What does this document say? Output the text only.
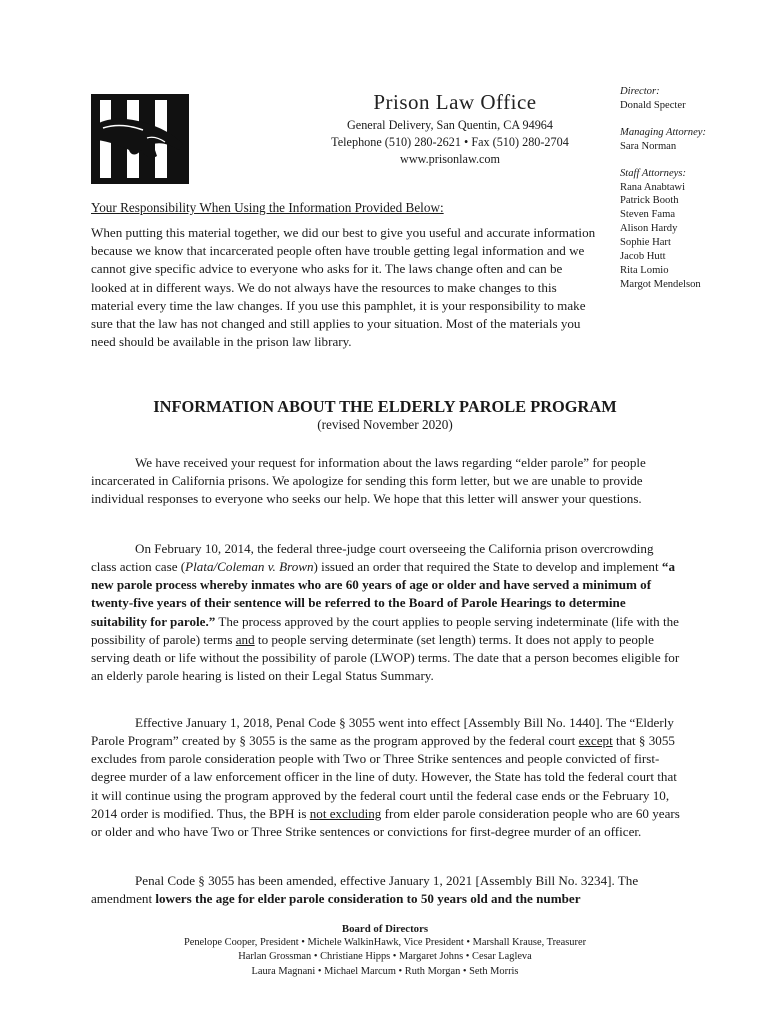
Prison Law Office
General Delivery, San Quentin, CA 94964
Telephone (510) 280-2621 • Fax (510) 280-2704
www.prisonlaw.com
Director:
Donald Specter
Managing Attorney:
Sara Norman
Staff Attorneys:
Rana Anabtawi
Patrick Booth
Steven Fama
Alison Hardy
Sophie Hart
Jacob Hutt
Rita Lomio
Margot Mendelson
Your Responsibility When Using the Information Provided Below:
When putting this material together, we did our best to give you useful and accurate information because we know that incarcerated people often have trouble getting legal information and we cannot give specific advice to everyone who asks for it. The laws change often and can be looked at in different ways. We do not always have the resources to make changes to this material every time the law changes. If you use this pamphlet, it is your responsibility to make sure that the law has not changed and still applies to your situation. Most of the materials you need should be available in the prison law library.
INFORMATION ABOUT THE ELDERLY PAROLE PROGRAM
(revised November 2020)
We have received your request for information about the laws regarding “elder parole” for people incarcerated in California prisons. We apologize for sending this form letter, but we are unable to provide individual responses to everyone who seeks our help. We hope that this letter will answer your questions.
On February 10, 2014, the federal three-judge court overseeing the California prison overcrowding class action case (Plata/Coleman v. Brown) issued an order that required the State to develop and implement “a new parole process whereby inmates who are 60 years of age or older and have served a minimum of twenty-five years of their sentence will be referred to the Board of Parole Hearings to determine suitability for parole.” The process approved by the court applies to people serving indeterminate (life with the possibility of parole) terms and to people serving determinate (set length) terms. It does not apply to people serving death or life without the possibility of parole (LWOP) terms. The date that a person becomes eligible for an elderly parole hearing is listed on their Legal Status Summary.
Effective January 1, 2018, Penal Code § 3055 went into effect [Assembly Bill No. 1440]. The “Elderly Parole Program” created by § 3055 is the same as the program approved by the federal court except that § 3055 excludes from parole consideration people with Two or Three Strike sentences and people convicted of first-degree murder of a law enforcement officer in the line of duty. However, the State has told the federal court that it will continue using the program approved by the federal court until the federal case ends or the February 10, 2014 order is modified. Thus, the BPH is not excluding from elder parole consideration people who are 60 years or older and who have Two or Three Strike sentences or convictions for first-degree murder of an officer.
Penal Code § 3055 has been amended, effective January 1, 2021 [Assembly Bill No. 3234]. The amendment lowers the age for elder parole consideration to 50 years old and the number
Board of Directors
Penelope Cooper, President • Michele WalkinHawk, Vice President • Marshall Krause, Treasurer
Harlan Grossman • Christiane Hipps • Margaret Johns • Cesar Lagleva
Laura Magnani • Michael Marcum • Ruth Morgan • Seth Morris
